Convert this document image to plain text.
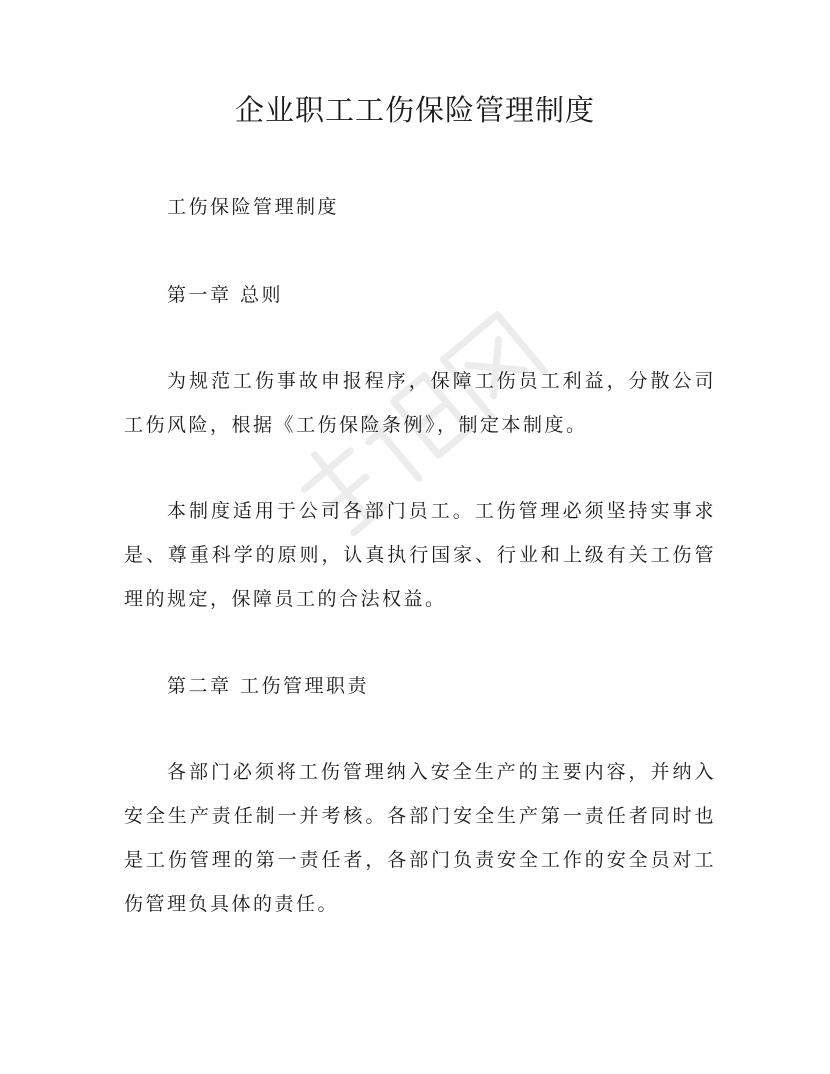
企业职工工伤保险管理制度

工伤保险管理制度

第一章 总则

为规范工伤事故申报程序，保障工伤员工利益，分散公司工伤风险，根据《工伤保险条例》，制定本制度。

本制度适用于公司各部门员工。工伤管理必须坚持实事求是、尊重科学的原则，认真执行国家、行业和上级有关工伤管理的规定，保障员工的合法权益。

第二章 工伤管理职责

各部门必须将工伤管理纳入安全生产的主要内容，并纳入安全生产责任制一并考核。各部门安全生产第一责任者同时也是工伤管理的第一责任者，各部门负责安全工作的安全员对工伤管理负具体的责任。
